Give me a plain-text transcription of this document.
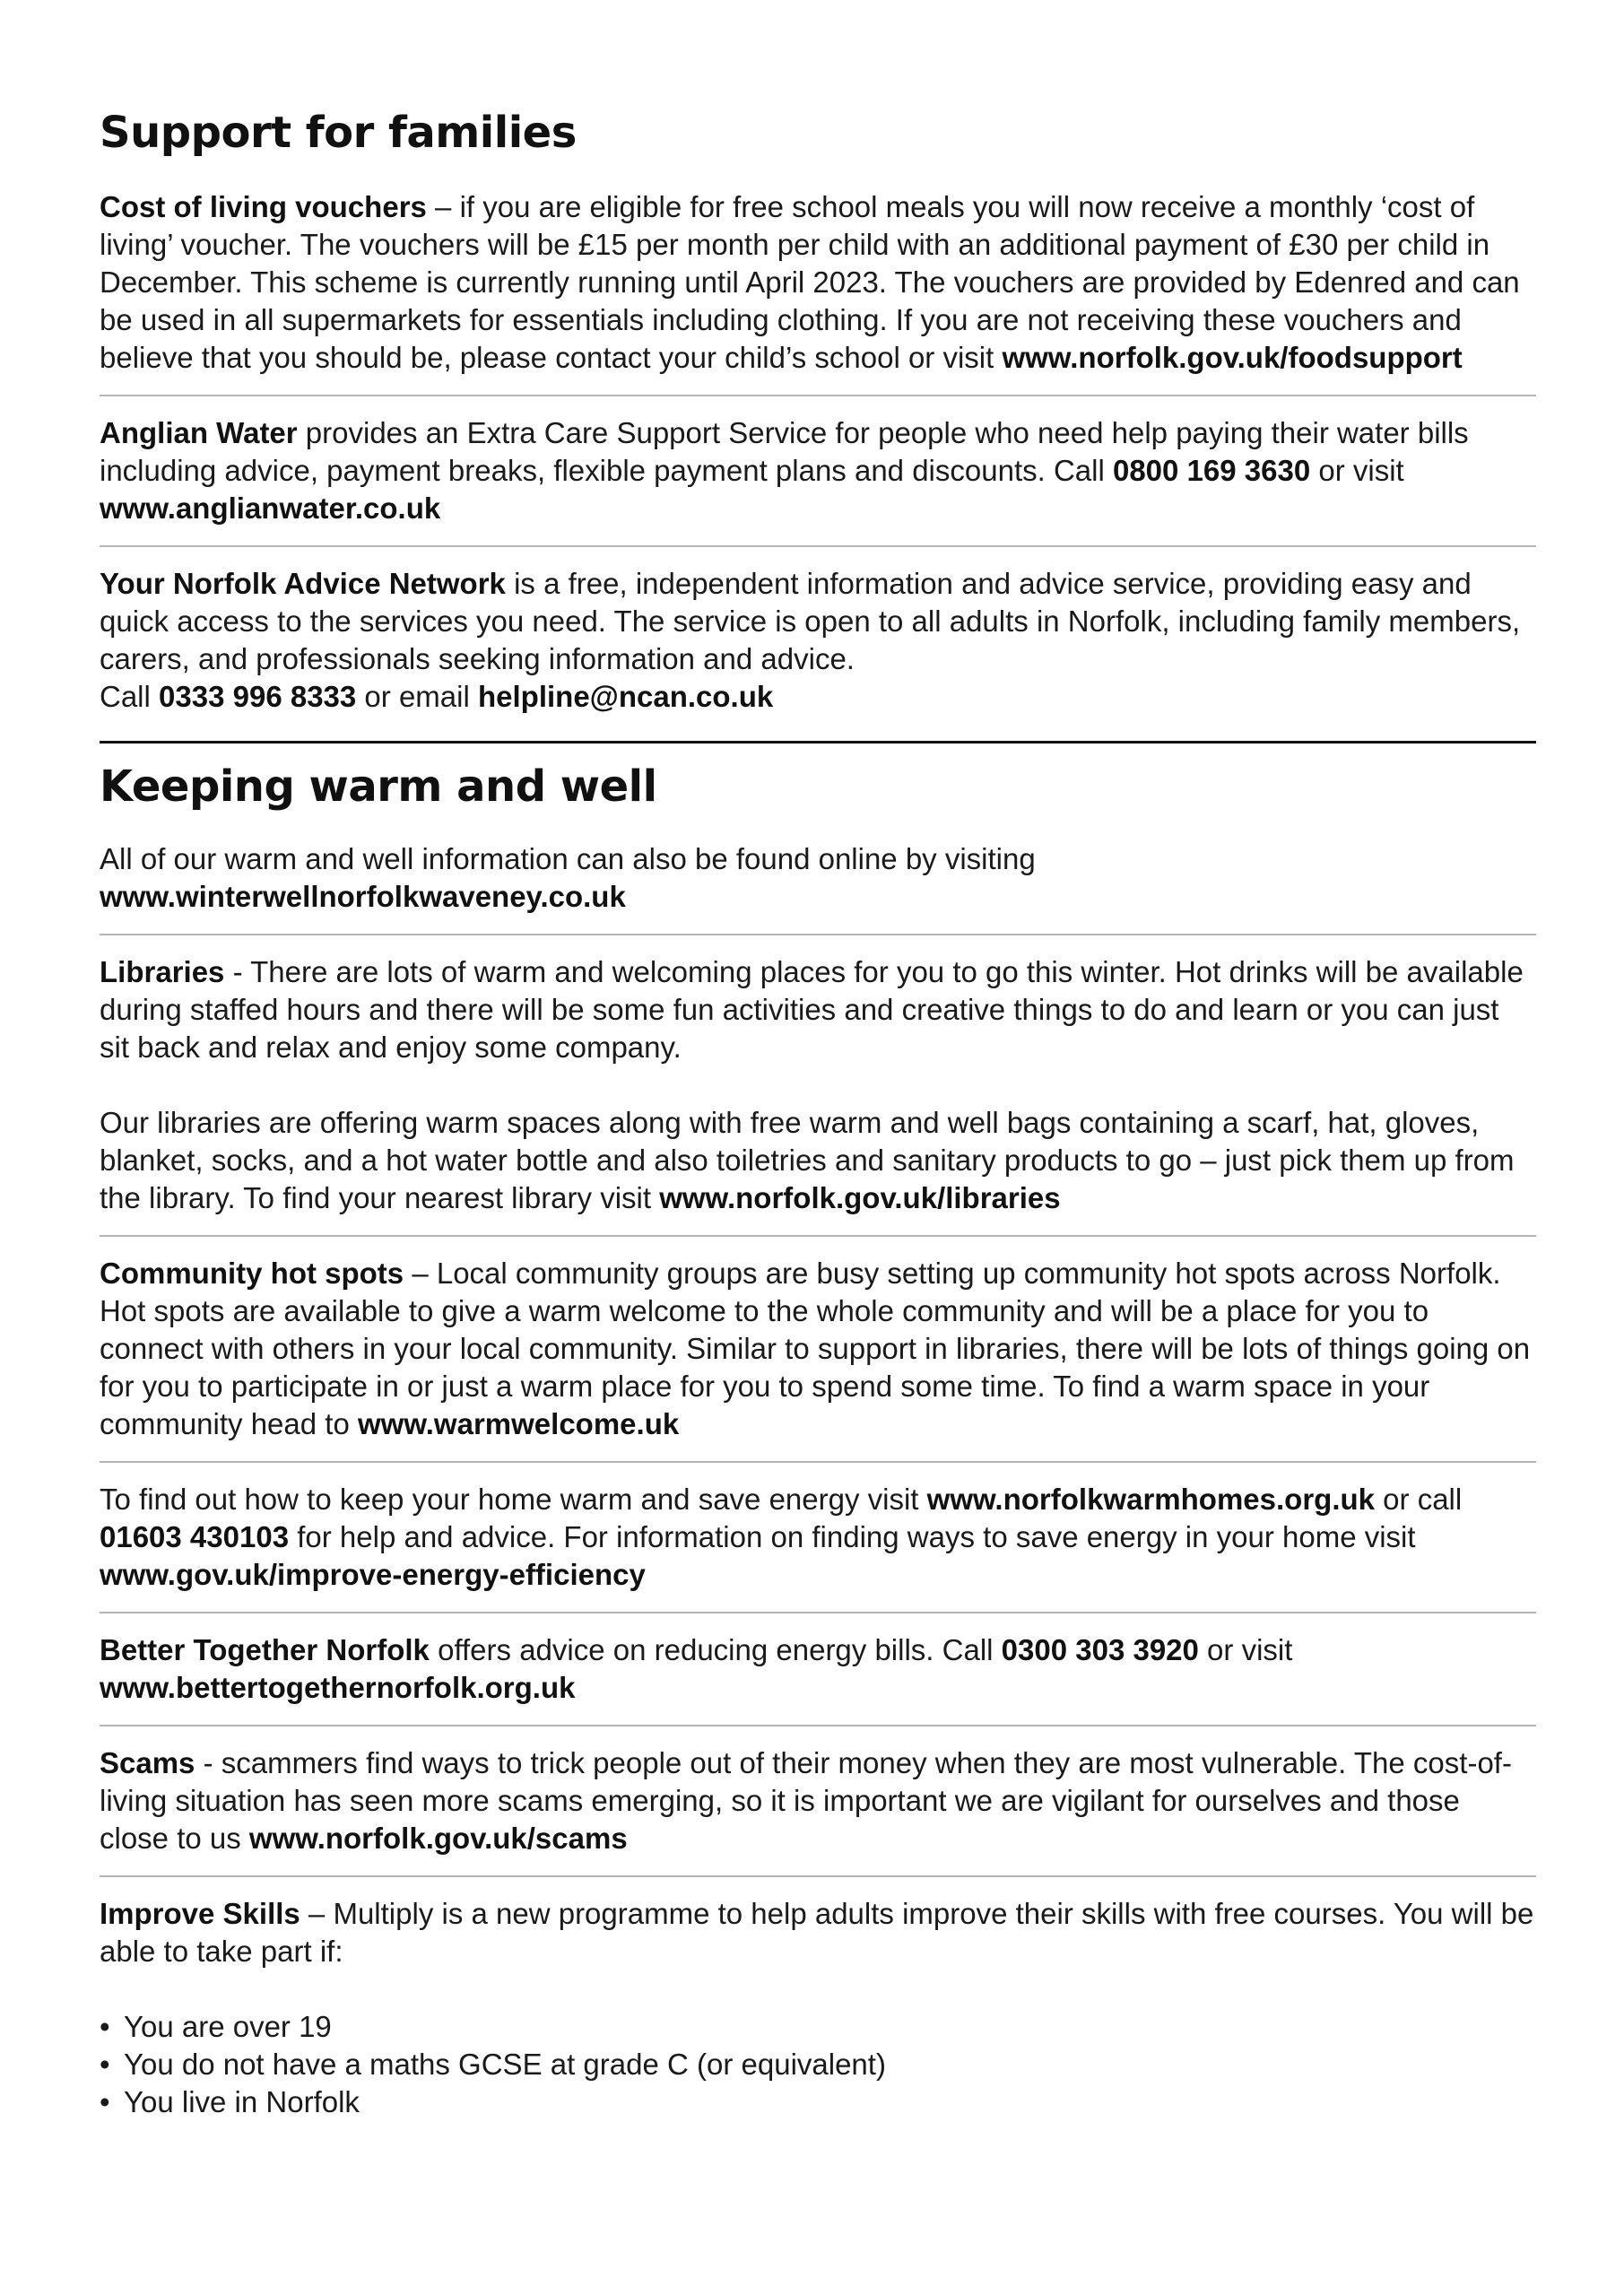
Support for families

Cost of living vouchers – if you are eligible for free school meals you will now receive a monthly ‘cost of living’ voucher. The vouchers will be £15 per month per child with an additional payment of £30 per child in December. This scheme is currently running until April 2023. The vouchers are provided by Edenred and can be used in all supermarkets for essentials including clothing. If you are not receiving these vouchers and believe that you should be, please contact your child’s school or visit www.norfolk.gov.uk/foodsupport

Anglian Water provides an Extra Care Support Service for people who need help paying their water bills including advice, payment breaks, flexible payment plans and discounts. Call 0800 169 3630 or visit www.anglianwater.co.uk

Your Norfolk Advice Network is a free, independent information and advice service, providing easy and quick access to the services you need. The service is open to all adults in Norfolk, including family members, carers, and professionals seeking information and advice.
Call 0333 996 8333 or email helpline@ncan.co.uk

Keeping warm and well

All of our warm and well information can also be found online by visiting
www.winterwellnorfolkwaveney.co.uk

Libraries - There are lots of warm and welcoming places for you to go this winter. Hot drinks will be available during staffed hours and there will be some fun activities and creative things to do and learn or you can just sit back and relax and enjoy some company.

Our libraries are offering warm spaces along with free warm and well bags containing a scarf, hat, gloves, blanket, socks, and a hot water bottle and also toiletries and sanitary products to go – just pick them up from the library. To find your nearest library visit www.norfolk.gov.uk/libraries

Community hot spots – Local community groups are busy setting up community hot spots across Norfolk. Hot spots are available to give a warm welcome to the whole community and will be a place for you to connect with others in your local community. Similar to support in libraries, there will be lots of things going on for you to participate in or just a warm place for you to spend some time. To find a warm space in your community head to www.warmwelcome.uk

To find out how to keep your home warm and save energy visit www.norfolkwarmhomes.org.uk or call 01603 430103 for help and advice. For information on finding ways to save energy in your home visit www.gov.uk/improve-energy-efficiency

Better Together Norfolk offers advice on reducing energy bills. Call 0300 303 3920 or visit
www.bettertogethernorfolk.org.uk

Scams - scammers find ways to trick people out of their money when they are most vulnerable. The cost-of-living situation has seen more scams emerging, so it is important we are vigilant for ourselves and those close to us www.norfolk.gov.uk/scams

Improve Skills – Multiply is a new programme to help adults improve their skills with free courses. You will be able to take part if:

• You are over 19
• You do not have a maths GCSE at grade C (or equivalent)
• You live in Norfolk
